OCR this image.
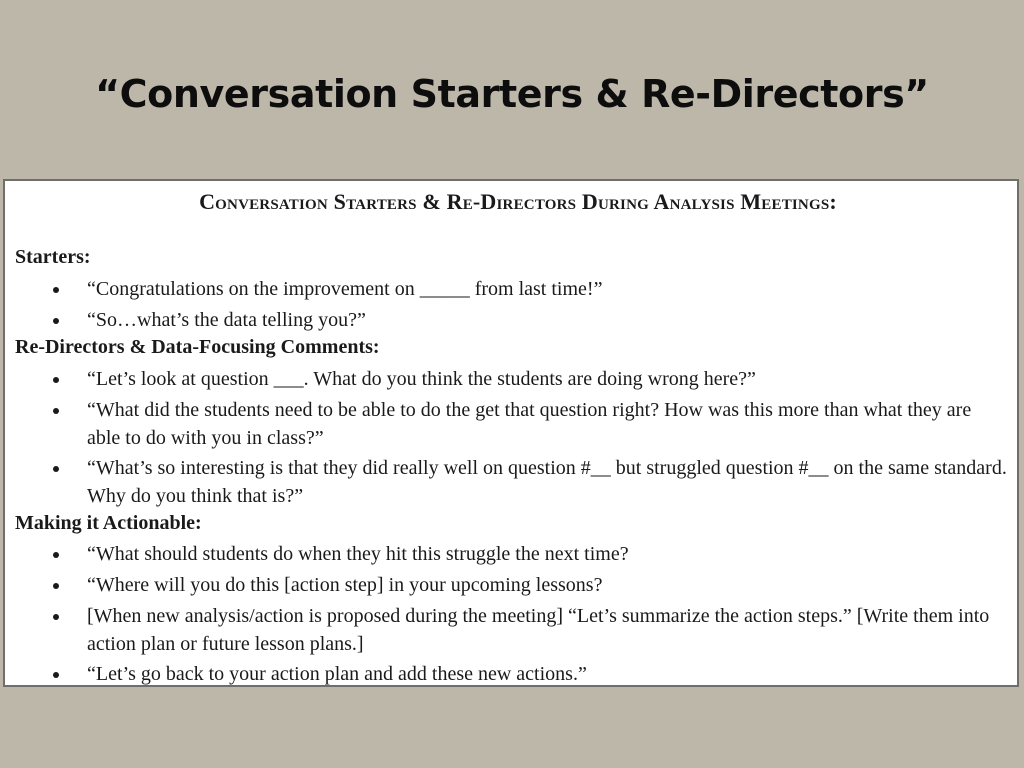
“Conversation Starters & Re-Directors”
Conversation Starters & Re-Directors During Analysis Meetings:
Starters:
“Congratulations on the improvement on _____ from last time!”
“So…what’s the data telling you?”
Re-Directors & Data-Focusing Comments:
“Let’s look at question ___. What do you think the students are doing wrong here?”
“What did the students need to be able to do the get that question right? How was this more than what they are able to do with you in class?”
“What’s so interesting is that they did really well on question #__ but struggled question #__ on the same standard. Why do you think that is?”
Making it Actionable:
“What should students do when they hit this struggle the next time?
“Where will you do this [action step] in your upcoming lessons?
[When new analysis/action is proposed during the meeting] “Let’s summarize the action steps.” [Write them into action plan or future lesson plans.]
“Let’s go back to your action plan and add these new actions.”
